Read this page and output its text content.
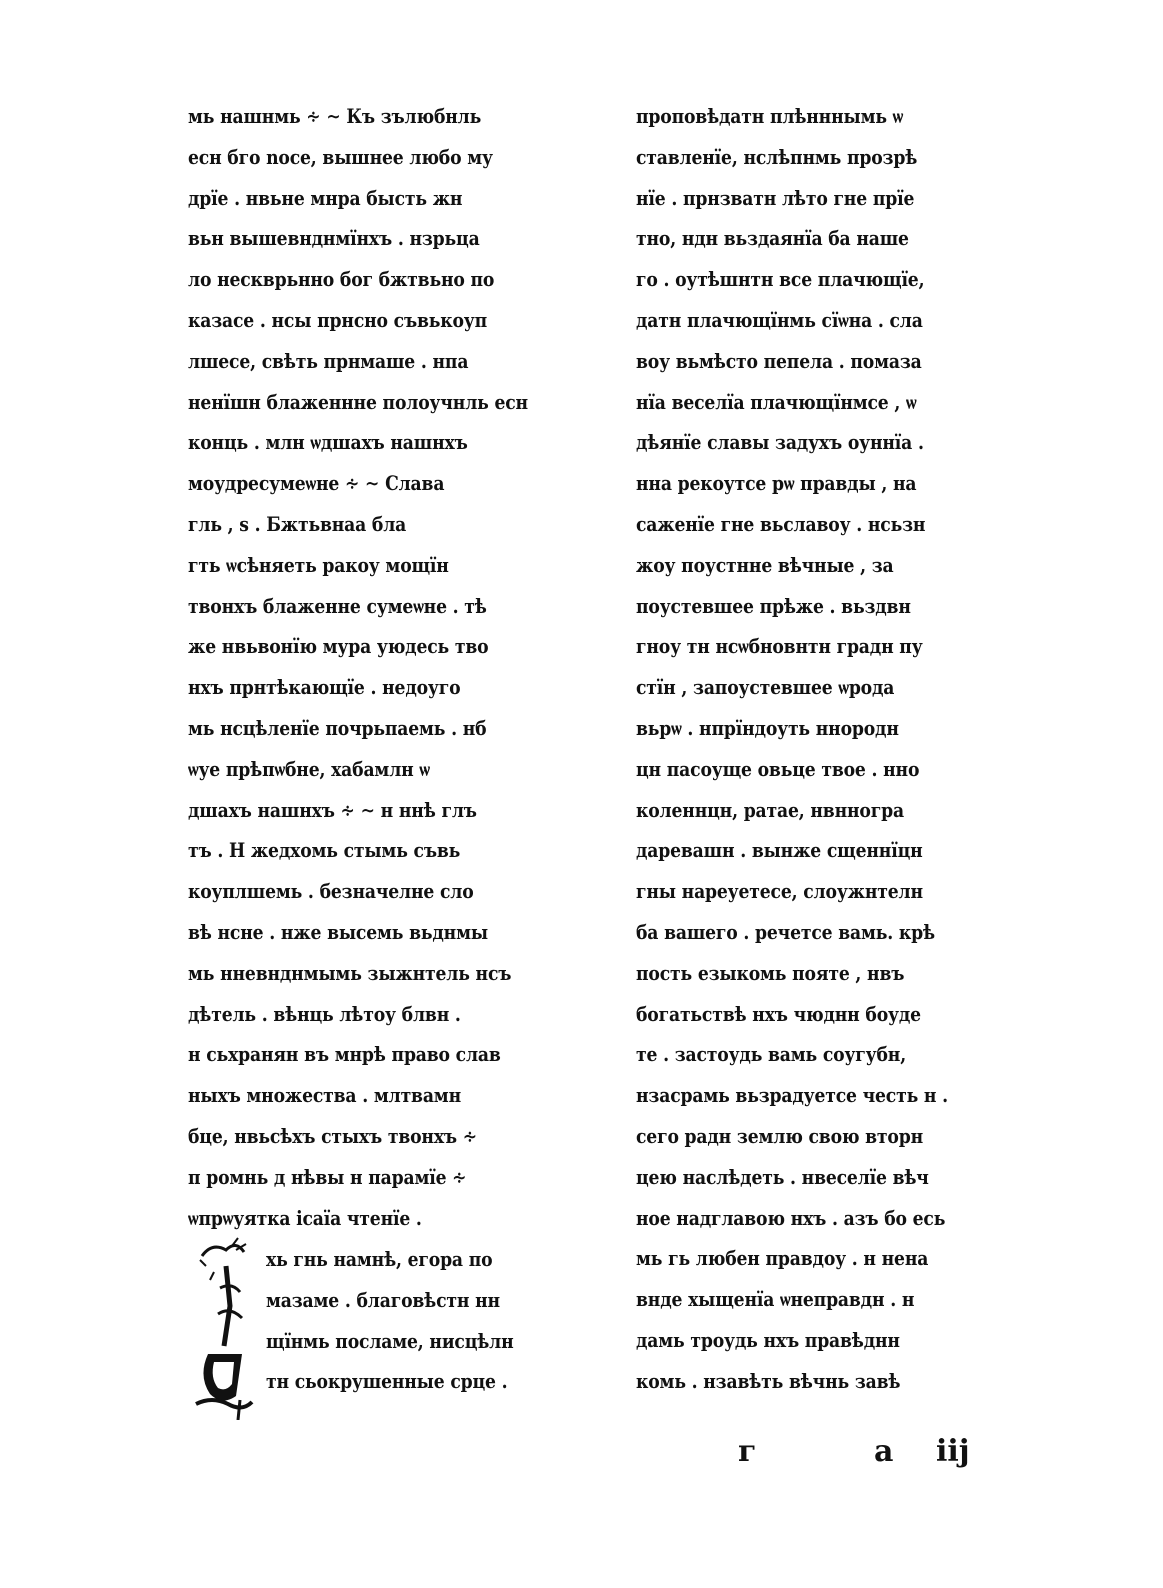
мь нашнмь ∻ ∼ Къ зълюбнль
есн бго nосе, вышнее любо му
дрїе . нвьне мнра бысть жн
вьн вышевнднмїнхъ . нзрьца
ло нескврьнно бог бжтвьно по
казасе . нсы прнсно съвькоуп
лшесе, свѣть прнмаше . нпа
ненїшн блаженнне полоучнль есн
конць . млн ѡдшахъ нашнхъ
моудресумеѡне ∻ ∼ Слава
гль , ѕ . Бжтьвнаа бла
гть ѡсѣняеть ракоу мощїн
твонхъ блаженне сумеѡне . тѣ
же нвьвонїю мура уюдесь тво
нхъ прнтѣкающїе . недоуго
мь нсцѣленїе почрьпаемь . нб
ѡуе прѣпѡбне, хабамлн ѡ
дшахъ нашнхъ ∻ ∼ н ннѣ глъ
тъ . Н жедхомь стымь съвь
коуплшемь . безначелне сло
вѣ нсне . нже высемь вьднмы
мь нневнднмымь зыжнтель нсъ
дѣтель . вѣнць лѣтоу блвн .
н сьхранян въ мнрѣ право слав
ныхъ множества . млтвамн
бце, нвьсѣхъ стыхъ твонхъ ∻
п ромнь д нѣвы н парамїе ∻
ѡпрѡуятка ісаїа чтенїе .
хь гнь намнѣ, егора по
мазаме . благовѣстн нн
щїнмь посламе, нисцѣлн
тн сьокрушенные срце .
проповѣдатн плѣнннымь ѡ
ставленїе, нслѣпнмь прозрѣ
нїе . прнзватн лѣто гне прїе
тно, ндн вьздаянїа ба наше
го . оутѣшнтн все плачющїе,
датн плачющїнмь сїѡна . сла
воу вьмѣсто пепела . помаза
нїа веселїа плачющїнмсе , ѡ
дѣянїе славы задухъ оуннїа .
нна рекоутсе рѡ правды , на
саженїе гне вьславоу . нсьзн
жоу поустнне вѣчные , за
поустевшее прѣже . вьздвн
гноу тн нсѡбновнтн градн пу
стїн , запоустевшее ѡрода
вьрѡ . нпрїндоуть ннородн
цн пасоуще овьце твое . нно
коленнцн, ратае, нвнногра
даревашн . вынже сщеннїцн
гны нареуетесе, слоужнтелн
ба вашего . речетсе вамь. крѣ
пость езыкомь пояте , нвъ
богатьствѣ нхъ чюднн боуде
те . застоудь вамь соугубн,
нзасрамь вьзрадуетсе честь н .
сего радн землю свою вторн
цею наслѣдеть . нвеселїе вѣч
ное надглавою нхъ . азъ бо есь
мь гь любен правдоу . н нена
внде хыщенїа ѡнеправдн . н
дамь троудь нхъ правѣднн
комь . нзавѣть вѣчнь завѣ
г	a iij
